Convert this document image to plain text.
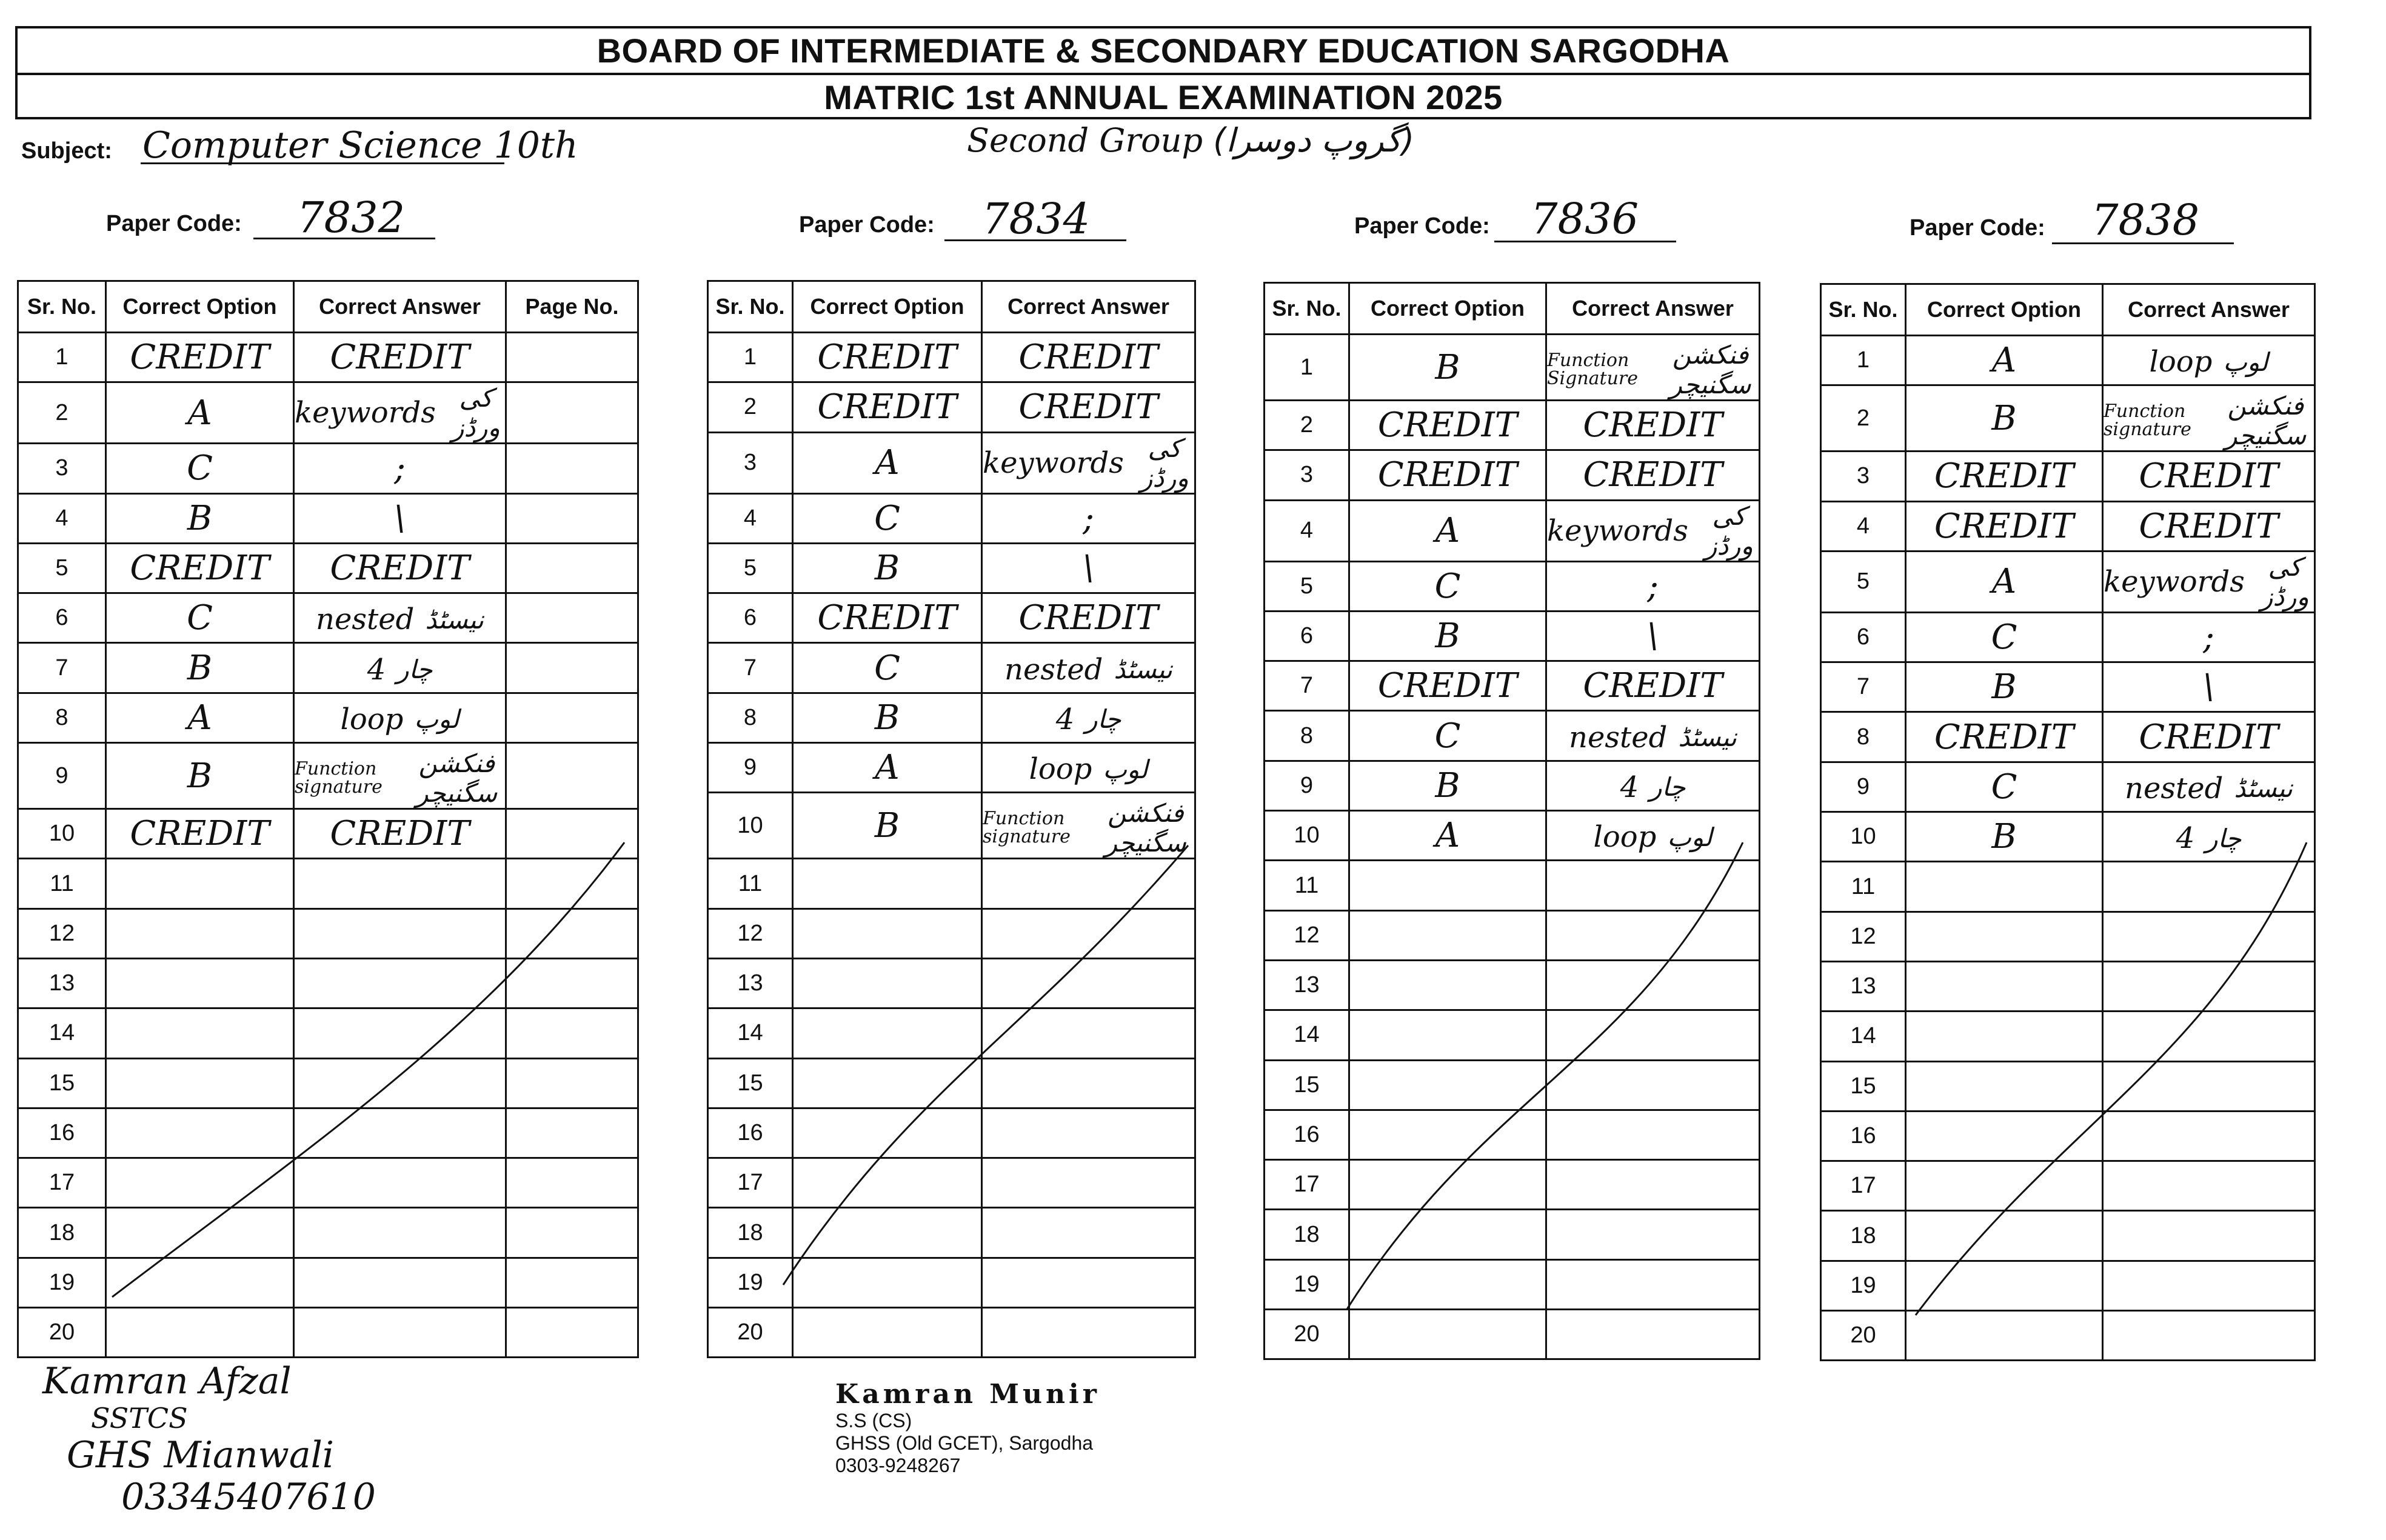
BOARD OF INTERMEDIATE & SECONDARY EDUCATION SARGODHA
MATRIC 1st ANNUAL EXAMINATION 2025
Subject: Computer Science 10th	Second Group (گروپ دوسرا)
Paper Code: 7832	Paper Code: 7834	Paper Code: 7836	Paper Code: 7838
Sr. No.	Correct Option	Correct Answer	Page No.
1	CREDIT	CREDIT	

2	A	keywords کی ورڈز	

3	C	;	

4	B	\	

5	CREDIT	CREDIT	

6	C	nested نیسٹڈ	

7	B	4 چار	

8	A	loop لوپ	

9	B	Function signature
فنکشن سگنیچر	

10	CREDIT	CREDIT	

11		

12		

13		

14		

15		

16		

17		

18		

19		

20		

Sr. No.	Correct Option	Correct Answer
1	CREDIT	CREDIT

2	CREDIT	CREDIT

3	A	keywords کی ورڈز

4	C	;

5	B	\

6	CREDIT	CREDIT

7	C	nested نیسٹڈ

8	B	4 چار

9	A	loop لوپ

10	B	Function signature
فنکشن سگنیچر

11		

12		

13		

14		

15		

16		

17		

18		

19		

20		
Sr. No.	Correct Option	Correct Answer
1	B	Function Signature
فنکشن سگنیچر

2	CREDIT	CREDIT

3	CREDIT	CREDIT

4	A	keywords کی ورڈز

5	C	;

6	B	\

7	CREDIT	CREDIT

8	C	nested نیسٹڈ

9	B	4 چار

10	A	loop لوپ

11		

12		

13		

14		

15		

16		

17		

18		

19		

20		
Sr. No.	Correct Option	Correct Answer
1	A	loop لوپ

2	B	Function signature
فنکشن سگنیچر

3	CREDIT	CREDIT

4	CREDIT	CREDIT

5	A	keywords کی ورڈز

6	C	;

7	B	\

8	CREDIT	CREDIT

9	C	nested نیسٹڈ

10	B	4 چار

11		

12		

13		

14		

15		

16		

17		

18		

19		

20		
Kamran Afzal
SSTCS
GHS Mianwali
03345407610
Kamran Munir
S.S (CS)
GHSS (Old GCET), Sargodha
0303-9248267
